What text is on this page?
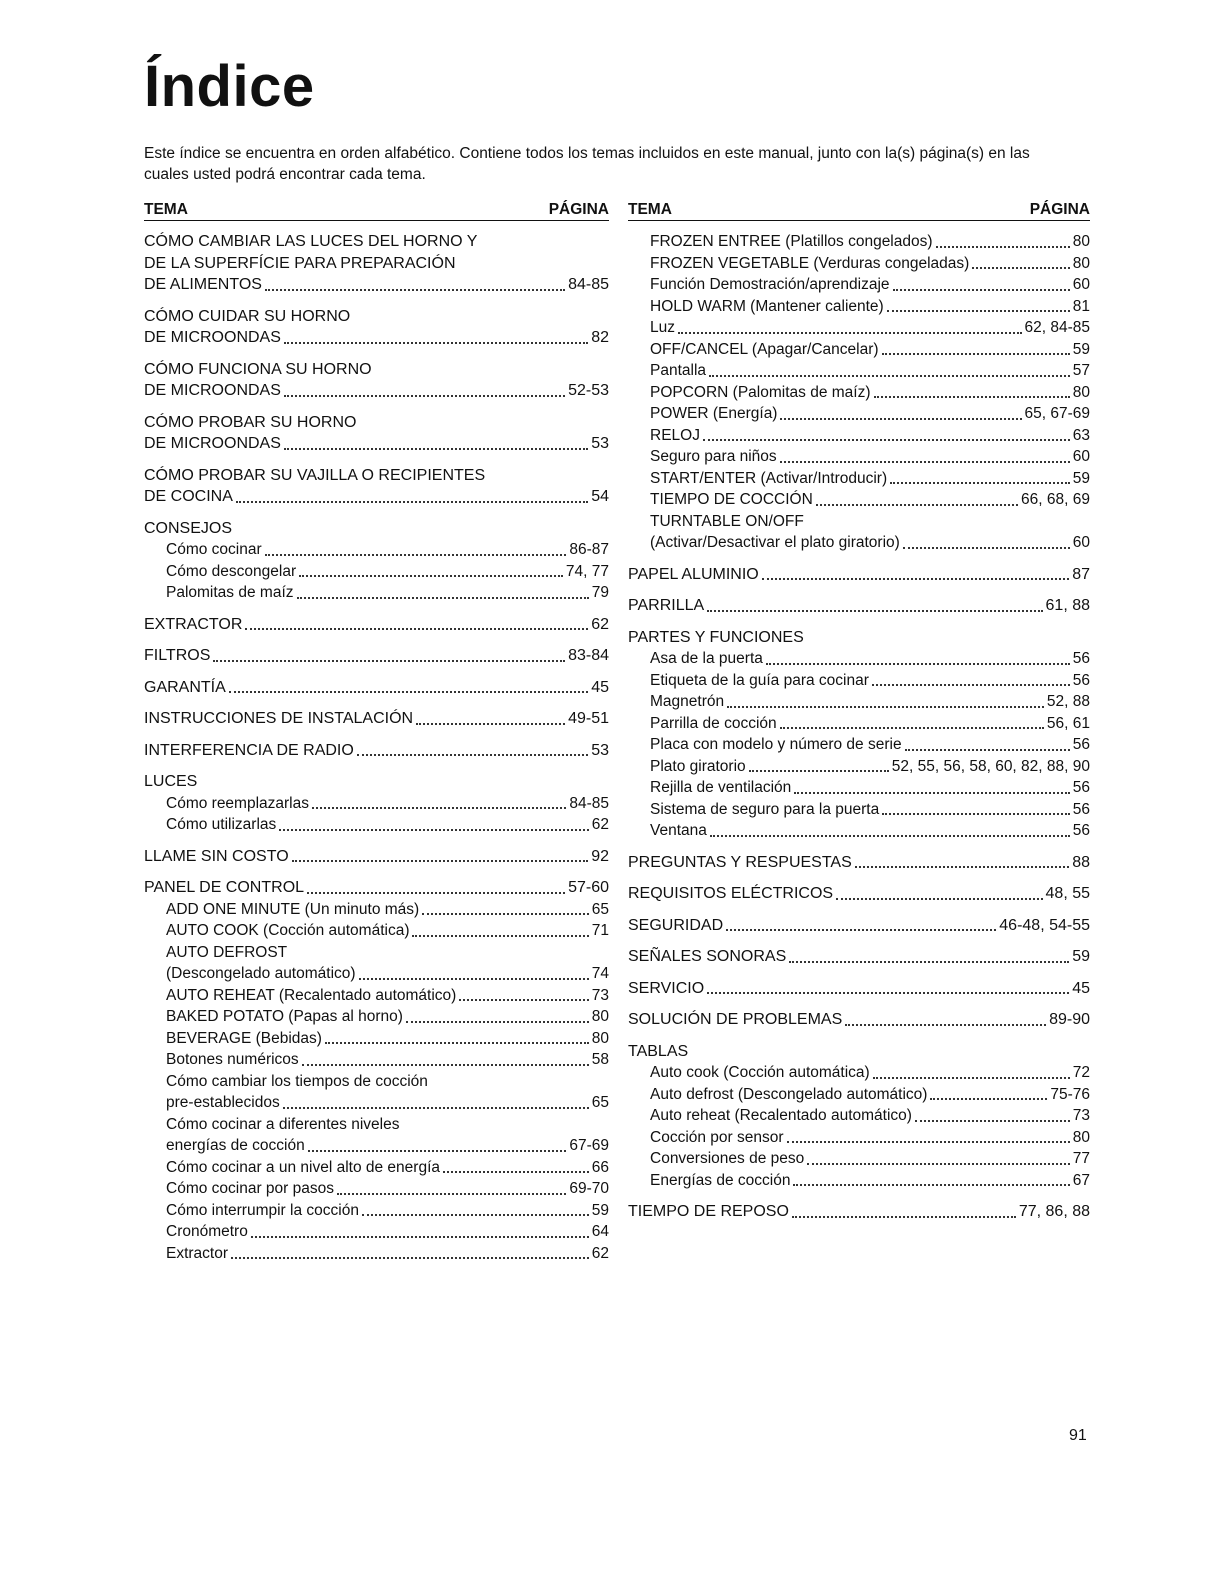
Índice

Este índice se encuentra en orden alfabético. Contiene todos los temas incluidos en este manual, junto con la(s) página(s) en las cuales usted podrá encontrar cada tema.

TEMA	PÁGINA
CÓMO CAMBIAR LAS LUCES DEL HORNO Y
DE LA SUPERFÍCIE PARA PREPARACIÓN
DE ALIMENTOS	84-85
CÓMO CUIDAR SU HORNO
DE MICROONDAS	82
CÓMO FUNCIONA SU HORNO
DE MICROONDAS	52-53
CÓMO PROBAR SU HORNO
DE MICROONDAS	53
CÓMO PROBAR SU VAJILLA O RECIPIENTES
DE COCINA	54
CONSEJOS
Cómo cocinar	86-87
Cómo descongelar	74, 77
Palomitas de maíz	79
EXTRACTOR	62
FILTROS	83-84
GARANTÍA	45
INSTRUCCIONES DE INSTALACIÓN	49-51
INTERFERENCIA DE RADIO	53
LUCES
Cómo reemplazarlas	84-85
Cómo utilizarlas	62
LLAME SIN COSTO	92
PANEL DE CONTROL	57-60
ADD ONE MINUTE (Un minuto más)	65
AUTO COOK (Cocción automática)	71
AUTO DEFROST
(Descongelado automático)	74
AUTO REHEAT (Recalentado automático)	73
BAKED POTATO (Papas al horno)	80
BEVERAGE (Bebidas)	80
Botones numéricos	58
Cómo cambiar los tiempos de cocción
pre-establecidos	65
Cómo cocinar a diferentes niveles
energías de cocción	67-69
Cómo cocinar a un nivel alto de energía	66
Cómo cocinar por pasos	69-70
Cómo interrumpir la cocción	59
Cronómetro	64
Extractor	62
TEMA	PÁGINA
FROZEN ENTREE (Platillos congelados)	80
FROZEN VEGETABLE (Verduras congeladas)	80
Función Demostración/aprendizaje	60
HOLD WARM (Mantener caliente)	81
Luz	62, 84-85
OFF/CANCEL (Apagar/Cancelar)	59
Pantalla	57
POPCORN (Palomitas de maíz)	80
POWER (Energía)	65, 67-69
RELOJ	63
Seguro para niños	60
START/ENTER (Activar/Introducir)	59
TIEMPO DE COCCIÓN	66, 68, 69
TURNTABLE ON/OFF
(Activar/Desactivar el plato giratorio)	60
PAPEL ALUMINIO	87
PARRILLA	61, 88
PARTES Y FUNCIONES
Asa de la puerta	56
Etiqueta de la guía para cocinar	56
Magnetrón	52, 88
Parrilla de cocción	56, 61
Placa con modelo y número de serie	56
Plato giratorio	52, 55, 56, 58, 60, 82, 88, 90
Rejilla de ventilación	56
Sistema de seguro para la puerta	56
Ventana	56
PREGUNTAS Y RESPUESTAS	88
REQUISITOS ELÉCTRICOS	48, 55
SEGURIDAD	46-48, 54-55
SEÑALES SONORAS	59
SERVICIO	45
SOLUCIÓN DE PROBLEMAS	89-90
TABLAS
Auto cook (Cocción automática)	72
Auto defrost (Descongelado automático)	75-76
Auto reheat (Recalentado automático)	73
Cocción por sensor	80
Conversiones de peso	77
Energías de cocción	67
TIEMPO DE REPOSO	77, 86, 88
91
